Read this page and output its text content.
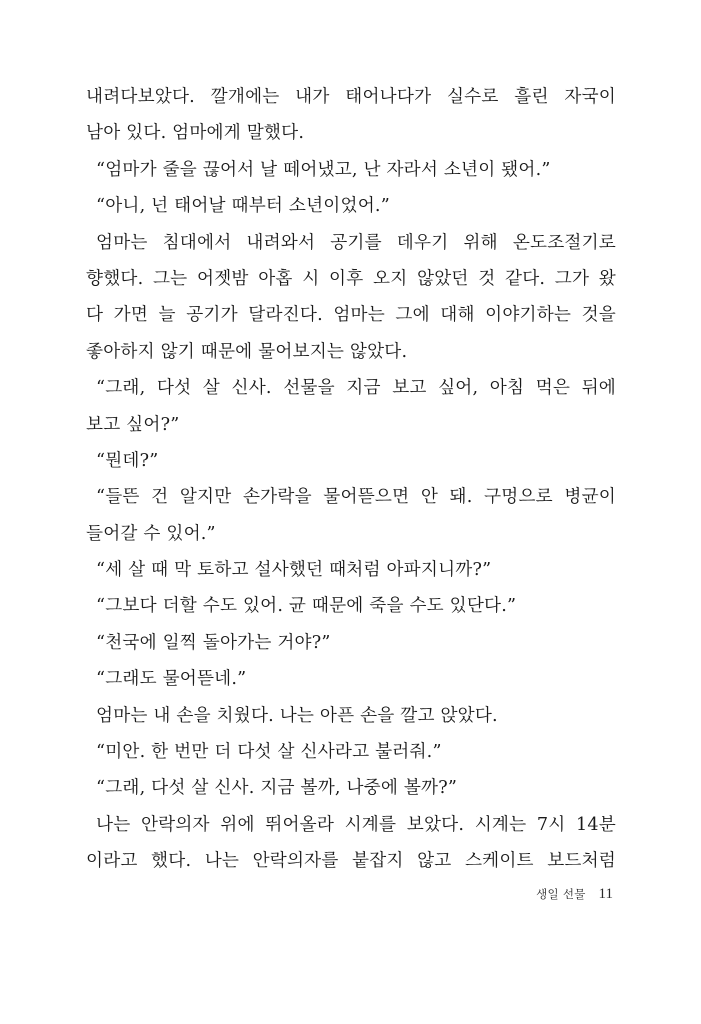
내려다보았다. 깔개에는 내가 태어나다가 실수로 흘린 자국이
남아 있다. 엄마에게 말했다.
“엄마가 줄을 끊어서 날 떼어냈고, 난 자라서 소년이 됐어.”
“아니, 넌 태어날 때부터 소년이었어.”
엄마는 침대에서 내려와서 공기를 데우기 위해 온도조절기로
향했다. 그는 어젯밤 아홉 시 이후 오지 않았던 것 같다. 그가 왔
다 가면 늘 공기가 달라진다. 엄마는 그에 대해 이야기하는 것을
좋아하지 않기 때문에 물어보지는 않았다.
“그래, 다섯 살 신사. 선물을 지금 보고 싶어, 아침 먹은 뒤에
보고 싶어?”
“뭔데?”
“들뜬 건 알지만 손가락을 물어뜯으면 안 돼. 구멍으로 병균이
들어갈 수 있어.”
“세 살 때 막 토하고 설사했던 때처럼 아파지니까?”
“그보다 더할 수도 있어. 균 때문에 죽을 수도 있단다.”
“천국에 일찍 돌아가는 거야?”
“그래도 물어뜯네.”
엄마는 내 손을 치웠다. 나는 아픈 손을 깔고 앉았다.
“미안. 한 번만 더 다섯 살 신사라고 불러줘.”
“그래, 다섯 살 신사. 지금 볼까, 나중에 볼까?”
나는 안락의자 위에 뛰어올라 시계를 보았다. 시계는 7시 14분
이라고 했다. 나는 안락의자를 붙잡지 않고 스케이트 보드처럼
생일 선물 11
